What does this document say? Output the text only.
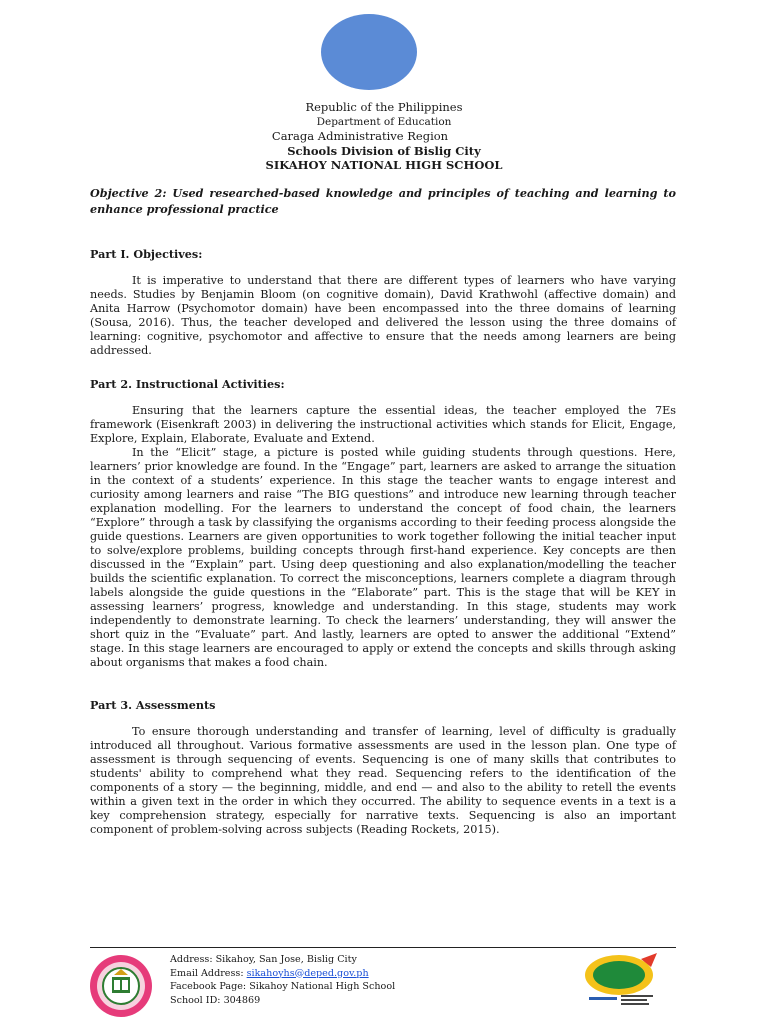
Republic of the Philippines
Department of Education
Caraga Administrative Region
Schools Division of Bislig City
SIKAHOY NATIONAL HIGH SCHOOL
Objective 2: Used researched-based knowledge and principles of teaching and learning to enhance professional practice
Part I. Objectives:

It is imperative to understand that there are different types of learners who have varying needs. Studies by Benjamin Bloom (on cognitive domain), David Krathwohl (affective domain) and Anita Harrow (Psychomotor domain) have been encompassed into the three domains of learning (Sousa, 2016). Thus, the teacher developed and delivered the lesson using the three domains of learning: cognitive, psychomotor and affective to ensure that the needs among learners are being addressed.

Part 2. Instructional Activities:

Ensuring that the learners capture the essential ideas, the teacher employed the 7Es framework (Eisenkraft 2003) in delivering the instructional activities which stands for Elicit, Engage, Explore, Explain, Elaborate, Evaluate and Extend.

In the “Elicit” stage, a picture is posted while guiding students through questions. Here, learners’ prior knowledge are found. In the “Engage” part, learners are asked to arrange the situation in the context of a students’ experience. In this stage the teacher wants to engage interest and curiosity among learners and raise “The BIG questions” and introduce new learning through teacher explanation modelling. For the learners to understand the concept of food chain, the learners “Explore” through a task by classifying the organisms according to their feeding process alongside the guide questions. Learners are given opportunities to work together following the initial teacher input to solve/explore problems, building concepts through first-hand experience. Key concepts are then discussed in the “Explain” part. Using deep questioning and also explanation/modelling the teacher builds the scientific explanation. To correct the misconceptions, learners complete a diagram through labels alongside the guide questions in the “Elaborate” part. This is the stage that will be KEY in assessing learners’ progress, knowledge and understanding. In this stage, students may work independently to demonstrate learning. To check the learners’ understanding, they will answer the short quiz in the “Evaluate” part. And lastly, learners are opted to answer the additional “Extend” stage. In this stage learners are encouraged to apply or extend the concepts and skills through asking about organisms that makes a food chain.

Part 3. Assessments

To ensure thorough understanding and transfer of learning, level of difficulty is gradually introduced all throughout. Various formative assessments are used in the lesson plan. One type of assessment is through sequencing of events. Sequencing is one of many skills that contributes to students' ability to comprehend what they read. Sequencing refers to the identification of the components of a story — the beginning, middle, and end — and also to the ability to retell the events within a given text in the order in which they occurred. The ability to sequence events in a text is a key comprehension strategy, especially for narrative texts. Sequencing is also an important component of problem-solving across subjects (Reading Rockets, 2015).

Address: Sikahoy, San Jose, Bislig City
Email Address: sikahoyhs@deped.gov.ph
Facebook Page: Sikahoy National High School
School ID: 304869
